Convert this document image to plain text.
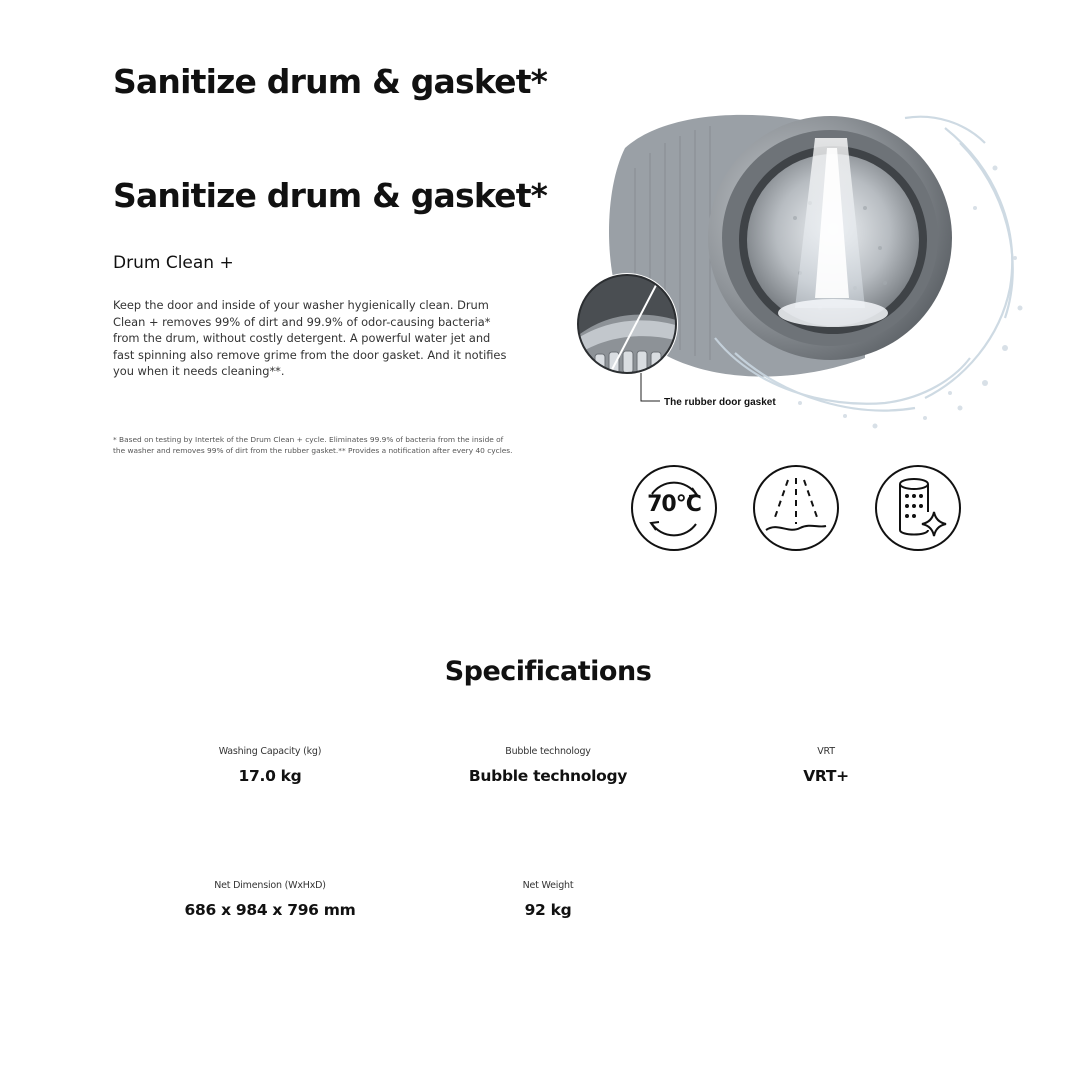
Sanitize drum & gasket*
Sanitize drum & gasket*
Drum Clean +

Keep the door and inside of your washer hygienically clean. Drum Clean + removes 99% of dirt and 99.9% of odor-causing bacteria* from the drum, without costly detergent. A powerful water jet and fast spinning also remove grime from the door gasket. And it notifies you when it needs cleaning**.

* Based on testing by Intertek of the Drum Clean + cycle. Eliminates 99.9% of bacteria from the inside of the washer and removes 99% of dirt from the rubber gasket.** Provides a notification after every 40 cycles.

The rubber door gasket
70°C
Specifications
Washing Capacity (kg)
17.0 kg
Bubble technology
Bubble technology
VRT
VRT+
Net Dimension (WxHxD)
686 x 984 x 796 mm
Net Weight
92 kg
